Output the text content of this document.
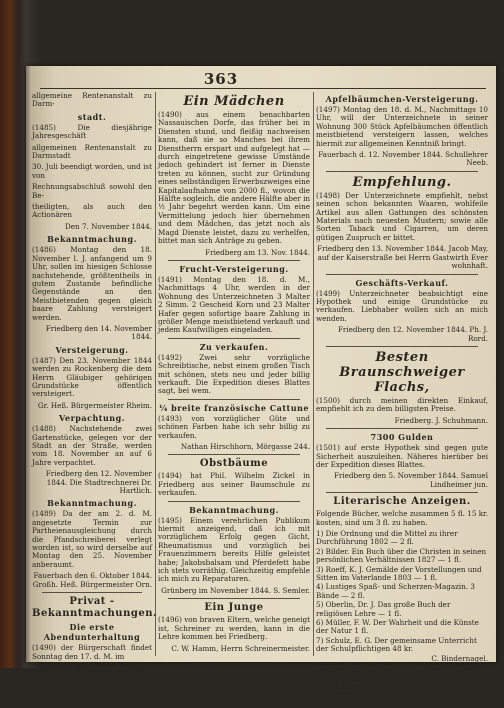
363
allgemeine Rentenanstalt zu Darm-
stadt.
(1485) Die diesjährige Jahresgeschäft
allgemeinen Rentenanstalt zu Darmstadt
30. Juli beendigt worden, und ist von
Rechnungsabschluß sowohl den Be-
theiligten, als auch den Actionären
Den 7. November 1844.
Bekanntmachung.
(1486) Montag den 18. November l. J. anfangend um 9 Uhr, sollen im hiesigen Schlosse nachstehende, größtentheils in gutem Zustande befindliche Gegenstände an den Meistbietenden gegen gleich baare Zahlung versteigert werden.
Friedberg den 14. November 1844.
Versteigerung.
(1487) Den 23. November 1844 werden zu Rockenberg die dem Herrn Gläubiger gehörigen Grundstücke öffentlich versteigert.
Gr. Heß. Bürgermeister Rheim.
Verpachtung.
(1488) Nachstehende zwei Gartenstücke, gelegen vor der Stadt an der Straße, werden vom 18. November an auf 6 Jahre verpachtet.
Friedberg den 12. November 1844. Die Stadtrechnerei Dr. Hartlich.
Bekanntmachung.
(1489) Da der am 2. d. M. angesetzte Termin zur Partheienausgleichung durch die Pfandschreiberei verlegt worden ist, so wird derselbe auf Montag den 25. November anberaumt.
Fauerbach den 6. Oktober 1844. Großh. Heß. Bürgermeister Orn.
Privat - Bekanntmachungen.
Die erste Abendunterhaltung
(1490) der Bürgerschaft findet Sonntag den 17. d. M. im
Trapp'schen Saale
Ein Mädchen
(1490) aus einem benachbarten Nassauischen Dorfe, das früher bei in Diensten stund, und fleißig nachweisen kann, daß sie so Manches bei ihrem Dienstherrn erspart und aufgelegt hat — durch eingetretene gewisse Umstände jedoch gehindert ist ferner in Dienste treten zu können, sucht zur Gründung eines selbständigen Erwerbszweiges eine Kapitalaufnahme von 2000 fl., wovon die Hälfte sogleich, die andere Hälfte aber in ½ Jahr begehrt werden kann. Um eine Vermittelung jedoch hier übernehmen und dem Mädchen, das jetzt noch als Magd Dienste leistet, dazu zu verhelfen, bittet man sich Anträge zu geben.
Friedberg am 13. Nov. 1844.
Frucht-Versteigerung.
(1491) Montag den 18. d. M., Nachmittags 4 Uhr, werden in der Wohnung des Unterzeichneten 3 Malter 2 Simm. 2 Gescheid Korn und 23 Malter Hafer gegen sofortige baare Zahlung in größer Menge meistbietend verkauft und jedem Kaufwilligen eingeladen.
Zu verkaufen.
(1492) Zwei sehr vorzügliche Schreibtische, nebst einem großen Tisch mit schönen, stets neu und jeder billig verkauft. Die Expedition dieses Blattes sagt, bei wem.
¼ breite französische Cattune
(1493) von vorzüglicher Güte und schönen Farben habe ich sehr billig zu verkaufen.
Nathan Hirschhorn, Mörgasse 244.
Obstbäume
(1494) hat Phil. Wilhelm Zickel in Friedberg aus seiner Baumschule zu verkaufen.
Bekanntmachung.
(1495) Einem verehrlichen Publikum hiermit anzeigend, daß ich mit vorzüglichem Erfolg gegen Gicht, Rheumatismus und vorzüglich bei Frauenzimmern bereits Hilfe geleistet habe; Jakobsbalsam und Pferdefett habe ich stets vorräthig. Gleichzeitig empfehle ich mich zu Reparaturen.
Grünberg im November 1844. S. Semler.
Ein Junge
(1496) von braven Eltern, welche geneigt ist, Schreiner zu werden, kann in die Lehre kommen bei Friedberg.
C. W. Hamm, Herrn Schreinermeister.
Apfelbäumchen-Versteigerung.
(1497) Montag den 18. d. M., Nachmittags 10 Uhr, will der Unterzeichnete in seiner Wohnung 300 Stück Apfelbäumchen öffentlich meistbietend versteigern lassen, welches hiermit zur allgemeinen Kenntniß bringt.
Fauerbach d. 12. November 1844. Schullehrer Neeb.
Empfehlung.
(1498) Der Unterzeichnete empfiehlt, nebst seinen schon bekannten Waaren, wohlfeile Artikel aus allen Gattungen des schönsten Materials nach neuesten Mustern; sowie alle Sorten Taback und Cigarren, um deren gütigen Zuspruch er bittet.
Friedberg den 13. November 1844. Jacob May, auf der Kaiserstraße bei Herrn Gastwirth Ever wohnhaft.
Geschäfts-Verkauf.
(1499) Unterzeichneter beabsichtigt eine Hypothek und einige Grundstücke zu verkaufen. Liebhaber wollen sich an mich wenden.
Friedberg den 12. November 1844. Ph. J. Rord.
Besten Braunschweiger Flachs,
(1500) durch meinen direkten Einkauf, empfiehlt ich zu dem billigsten Preise.
Friedberg. J. Schuhmann.
7300 Gulden
(1501) auf erste Hypothek sind gegen gute Sicherheit auszuleihen. Näheres hierüber bei der Expedition dieses Blattes.
Friedberg den 5. November 1844. Samuel Lindheimer jun.
Literarische Anzeigen.
Folgende Bücher, welche zusammen 5 fl. 15 kr. kosten, sind um 3 fl. zu haben.
1) Die Ordnung und die Mittel zu ihrer Durchführung 1802 — 2 fl.
2) Bilder. Ein Buch über die Christen in seinen persönlichen Verhältnissen 1827 — 1 fl.
3) Roeff, K. J. Gemälde der Vorstellungen und Sitten im Vaterlande 1803 — 1 fl.
4) Lustiges Spaß- und Scherzen-Magazin. 3 Bände — 2 fl.
5) Oberlin, Dr. J. Das große Buch der religiösen Lehre — 1 fl.
6) Müller, F. W. Der Wahrheit und die Künste der Natur 1 fl.
7) Schulz, E. G. Der gemeinsame Unterricht der Schulpflichtigen 48 kr.
C. Bindernagel.
Sodann ist bei mir zu haben: Schenkel, Erbauungsbuch mit Predigten über Grund und Ziel unseres Glaubens. 3 fl. Schulz, E. G. Predigten auf alle Sonn- und Festtage des Kirchenjahres. 3 fl. 30 kr.
